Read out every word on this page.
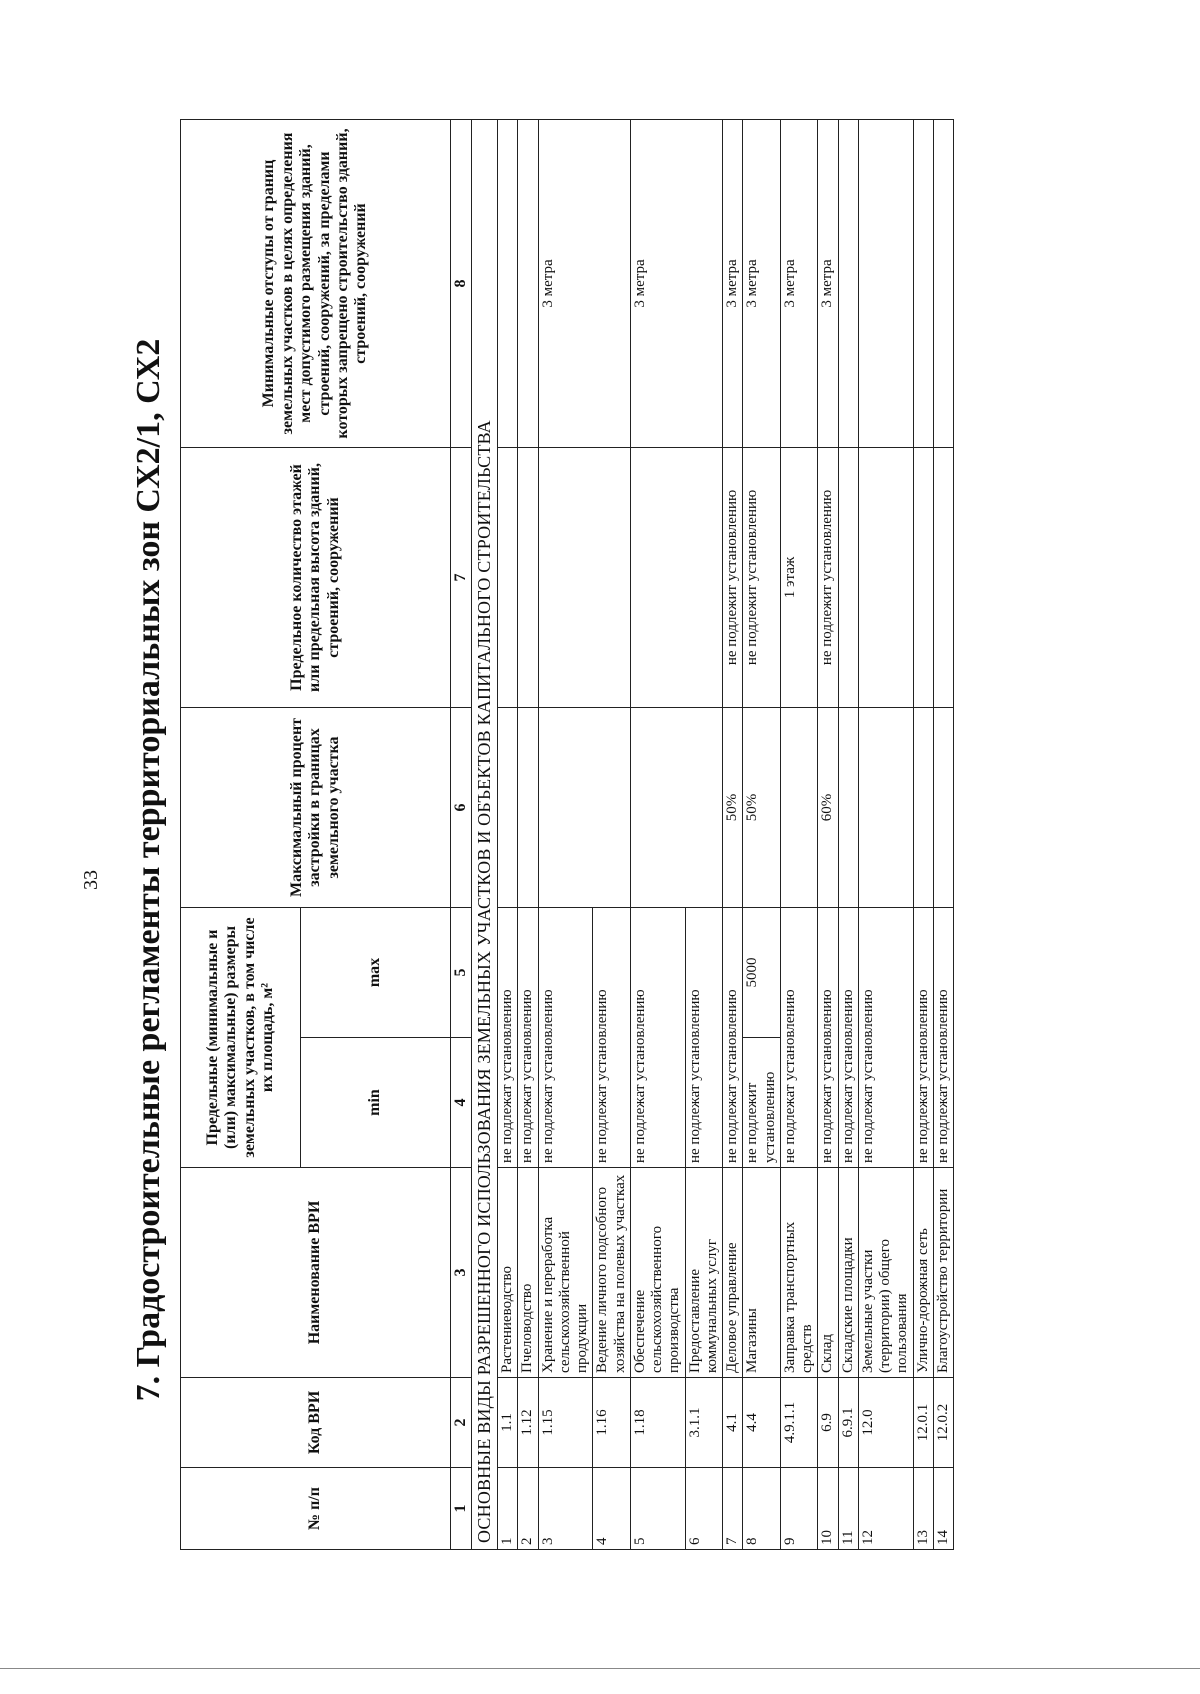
33 7. Градостроительные регламенты территориальных зон СХ2/1, СХ2
№ п/п	Код ВРИ	Наименование ВРИ	Предельные (минимальные и (или) максимальные) размеры земельных участков, в том числе их площадь, м²		Максимальный процент застройки в границах земельного участка	Предельное количество этажей или предельная высота зданий, строений, сооружений	Минимальные отступы от границ земельных участков в целях определения мест допустимого размещения зданий, строений, сооружений, за пределами которых запрещено строительство зданий, строений, сооружений
			min	max			
1	2	3	4	5	6	7	8
ОСНОВНЫЕ ВИДЫ РАЗРЕШЕННОГО ИСПОЛЬЗОВАНИЯ ЗЕМЕЛЬНЫХ УЧАСТКОВ И ОБЪЕКТОВ КАПИТАЛЬНОГО СТРОИТЕЛЬСТВА							
1	1.1	Растениеводство	не подлежат установлению				
2	1.12	Пчеловодство	не подлежат установлению				
3	1.15	Хранение и переработка сельскохозяйственной продукции	не подлежат установлению				3 метра
4	1.16	Ведение личного подсобного хозяйства на полевых участках	не подлежат установлению				
5	1.18	Обеспечение сельскохозяйственного производства	не подлежат установлению				3 метра
6	3.1.1	Предоставление коммунальных услуг	не подлежат установлению				
7	4.1	Деловое управление	не подлежат установлению		50%	не подлежит установлению	3 метра
8	4.4	Магазины	не подлежит установлению	5000	50%	не подлежит установлению	3 метра
9	4.9.1.1	Заправка транспортных средств	не подлежат установлению			1 этаж	3 метра
10	6.9	Склад	не подлежат установлению		60%	не подлежит установлению	3 метра
11	6.9.1	Складские площадки	не подлежат установлению				
12	12.0	Земельные участки (территории) общего пользования	не подлежат установлению				
13	12.0.1	Улично-дорожная сеть	не подлежат установлению				
14	12.0.2	Благоустройство территории	не подлежат установлению				
